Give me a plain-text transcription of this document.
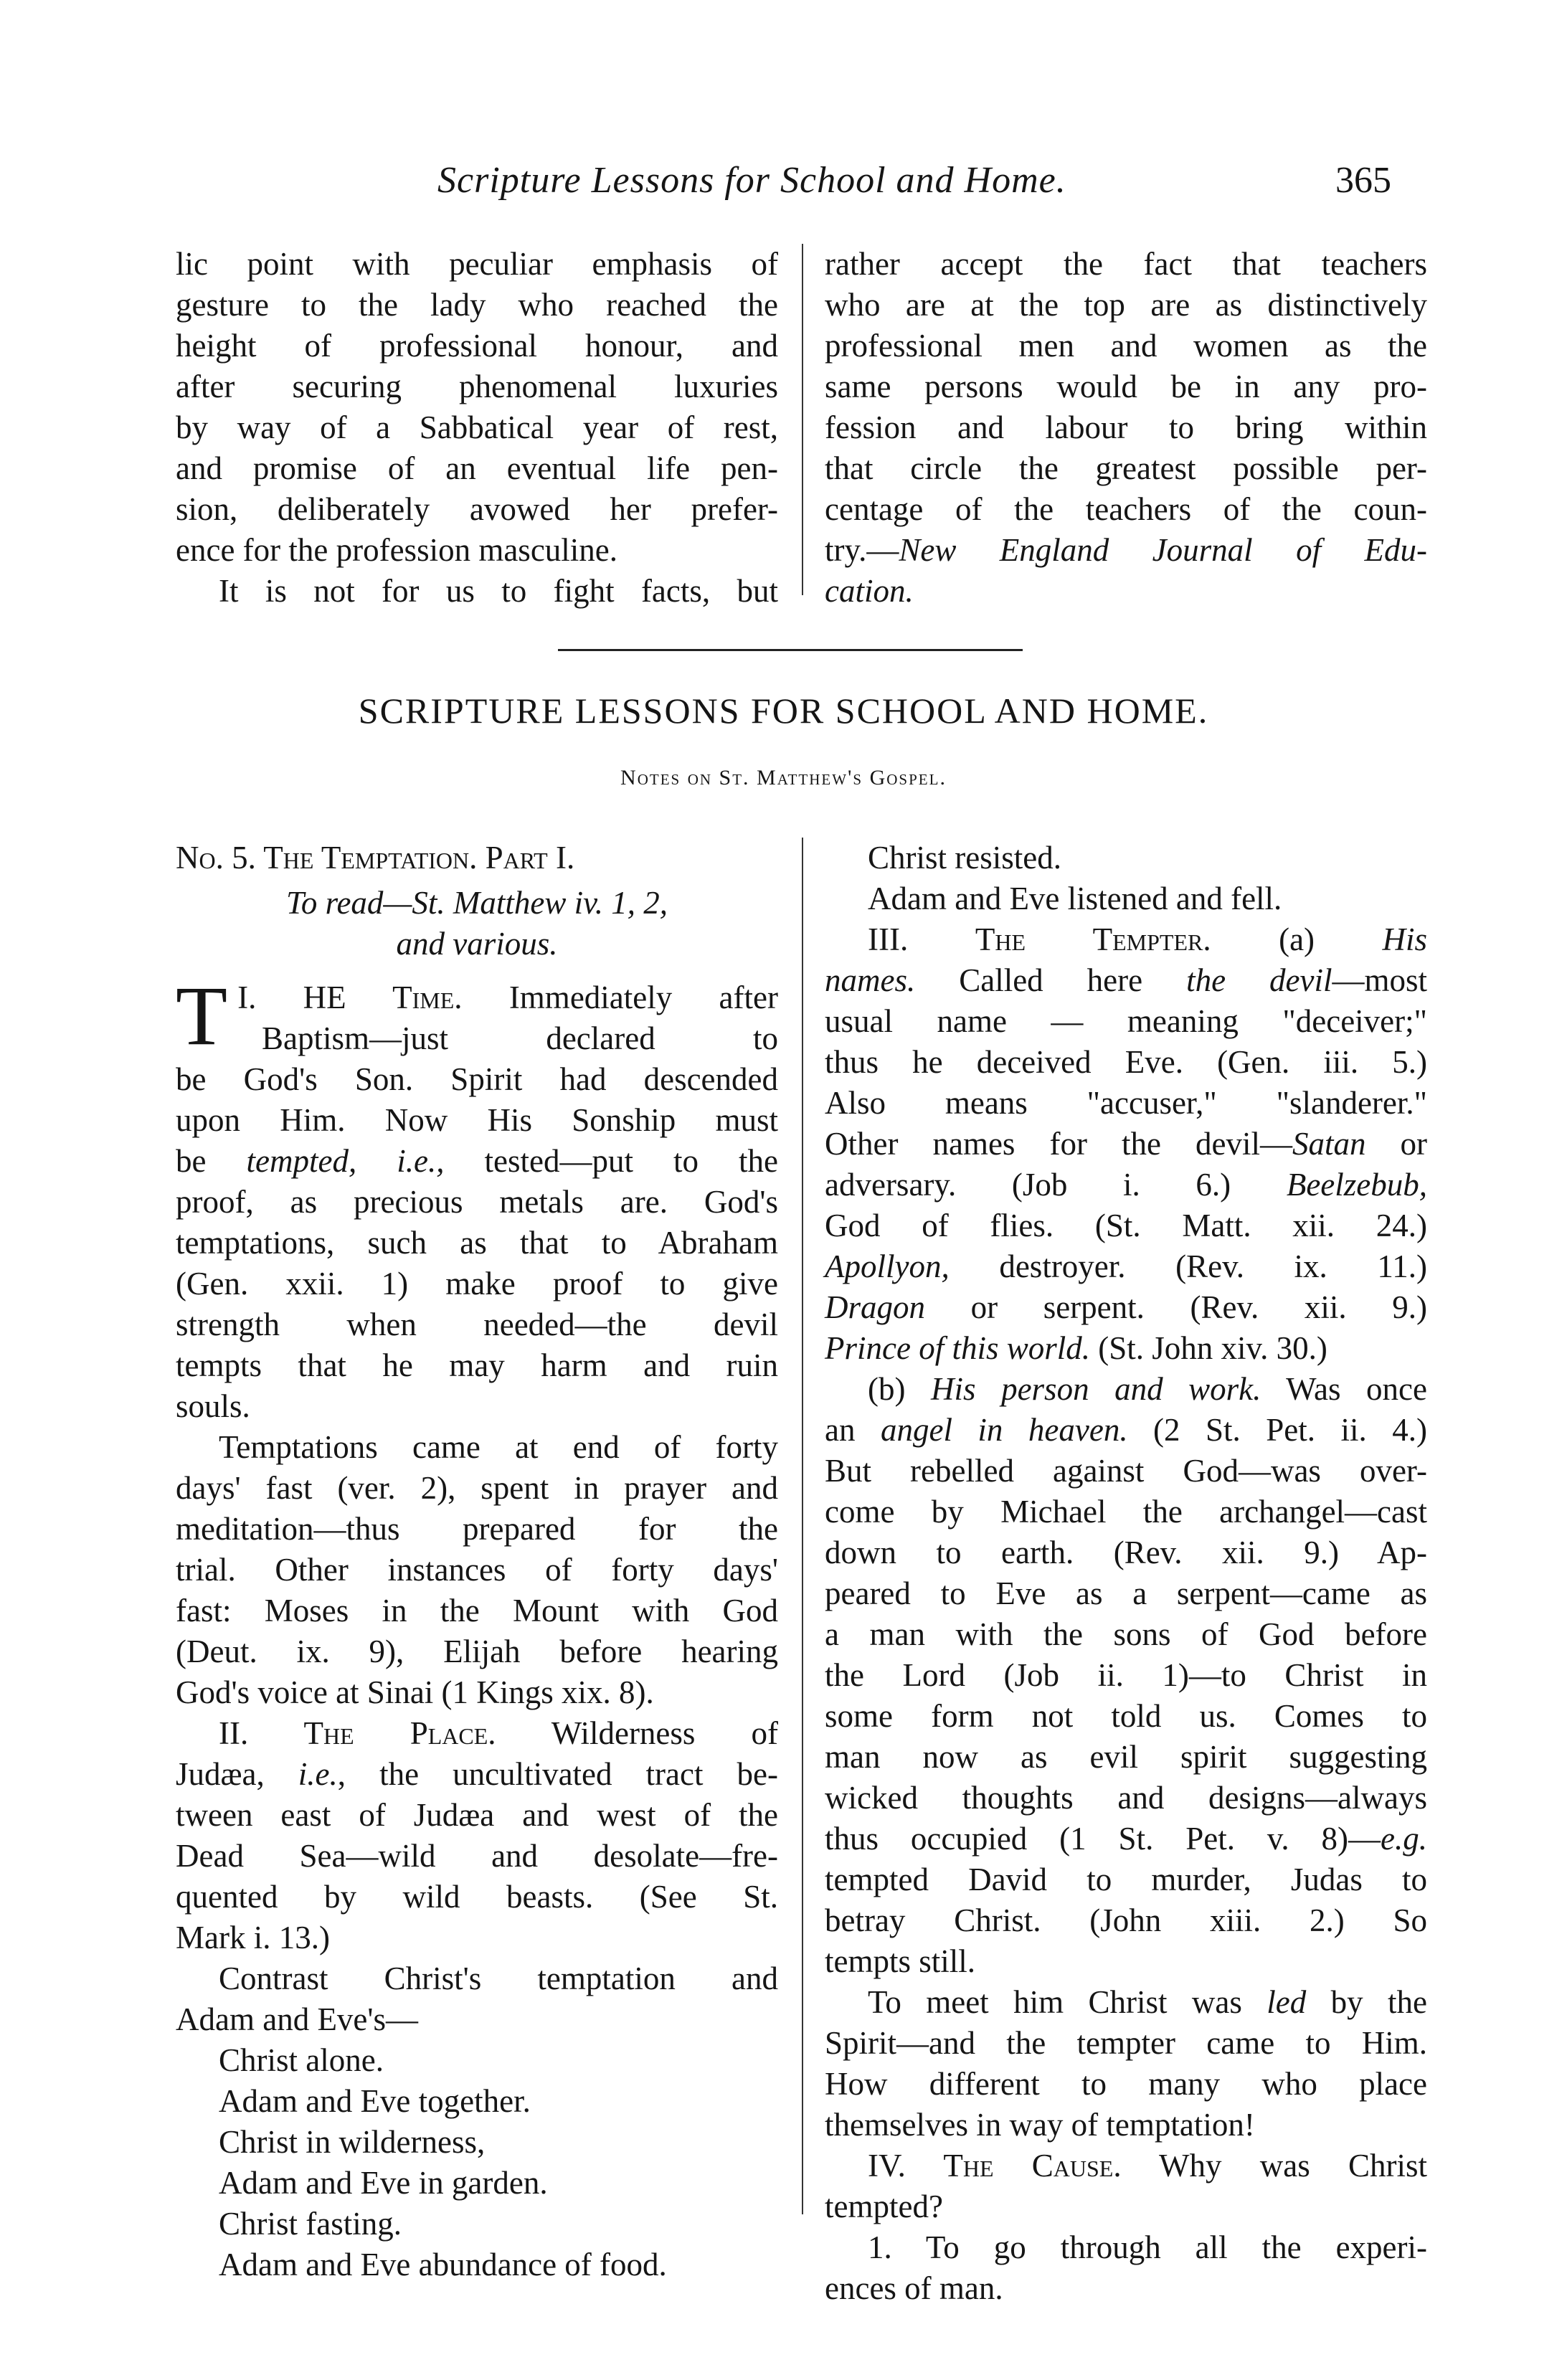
Scripture Lessons for School and Home.	365

lic point with peculiar emphasis of
gesture to the lady who reached the
height of professional honour, and
after securing phenomenal luxuries
by way of a Sabbatical year of rest,
and promise of an eventual life pen-
sion, deliberately avowed her prefer-
ence for the profession masculine.
It is not for us to fight facts, but

rather accept the fact that teachers
who are at the top are as distinctively
professional men and women as the
same persons would be in any pro-
fession and labour to bring within
that circle the greatest possible per-
centage of the teachers of the coun-
try.—New England Journal of Edu-
cation.

SCRIPTURE LESSONS FOR SCHOOL AND HOME.
Notes on St. Matthew's Gospel.

No. 5. The Temptation. Part I.

To read—St. Matthew iv. 1, 2,

and various.

I.
T HE Time. Immediately after
Baptism—just declared to
be God's Son. Spirit had descended
upon Him. Now His Sonship must
be tempted, i.e., tested—put to the
proof, as precious metals are. God's
temptations, such as that to Abraham
(Gen. xxii. 1) make proof to give
strength when needed—the devil
tempts that he may harm and ruin
souls.

Temptations came at end of forty
days' fast (ver. 2), spent in prayer and
meditation—thus prepared for the
trial. Other instances of forty days'
fast: Moses in the Mount with God
(Deut. ix. 9), Elijah before hearing
God's voice at Sinai (1 Kings xix. 8).

II. The Place. Wilderness of
Judæa, i.e., the uncultivated tract be-
tween east of Judæa and west of the
Dead Sea—wild and desolate—fre-
quented by wild beasts. (See St.
Mark i. 13.)

Contrast Christ's temptation and
Adam and Eve's—
Christ alone.
Adam and Eve together.
Christ in wilderness,
Adam and Eve in garden.
Christ fasting.
Adam and Eve abundance of food.

Christ resisted.
Adam and Eve listened and fell.

III. The Tempter. (a) His
names. Called here the devil—most
usual name — meaning "deceiver;"
thus he deceived Eve. (Gen. iii. 5.)
Also means "accuser," "slanderer."
Other names for the devil—Satan or
adversary. (Job i. 6.) Beelzebub,
God of flies. (St. Matt. xii. 24.)
Apollyon, destroyer. (Rev. ix. 11.)
Dragon or serpent. (Rev. xii. 9.)
Prince of this world. (St. John xiv. 30.)

(b) His person and work. Was once
an angel in heaven. (2 St. Pet. ii. 4.)
But rebelled against God—was over-
come by Michael the archangel—cast
down to earth. (Rev. xii. 9.) Ap-
peared to Eve as a serpent—came as
a man with the sons of God before
the Lord (Job ii. 1)—to Christ in
some form not told us. Comes to
man now as evil spirit suggesting
wicked thoughts and designs—always
thus occupied (1 St. Pet. v. 8)—e.g.
tempted David to murder, Judas to
betray Christ. (John xiii. 2.) So
tempts still.

To meet him Christ was led by the
Spirit—and the tempter came to Him.
How different to many who place
themselves in way of temptation!

IV. The Cause. Why was Christ
tempted?
1. To go through all the experi-
ences of man.
